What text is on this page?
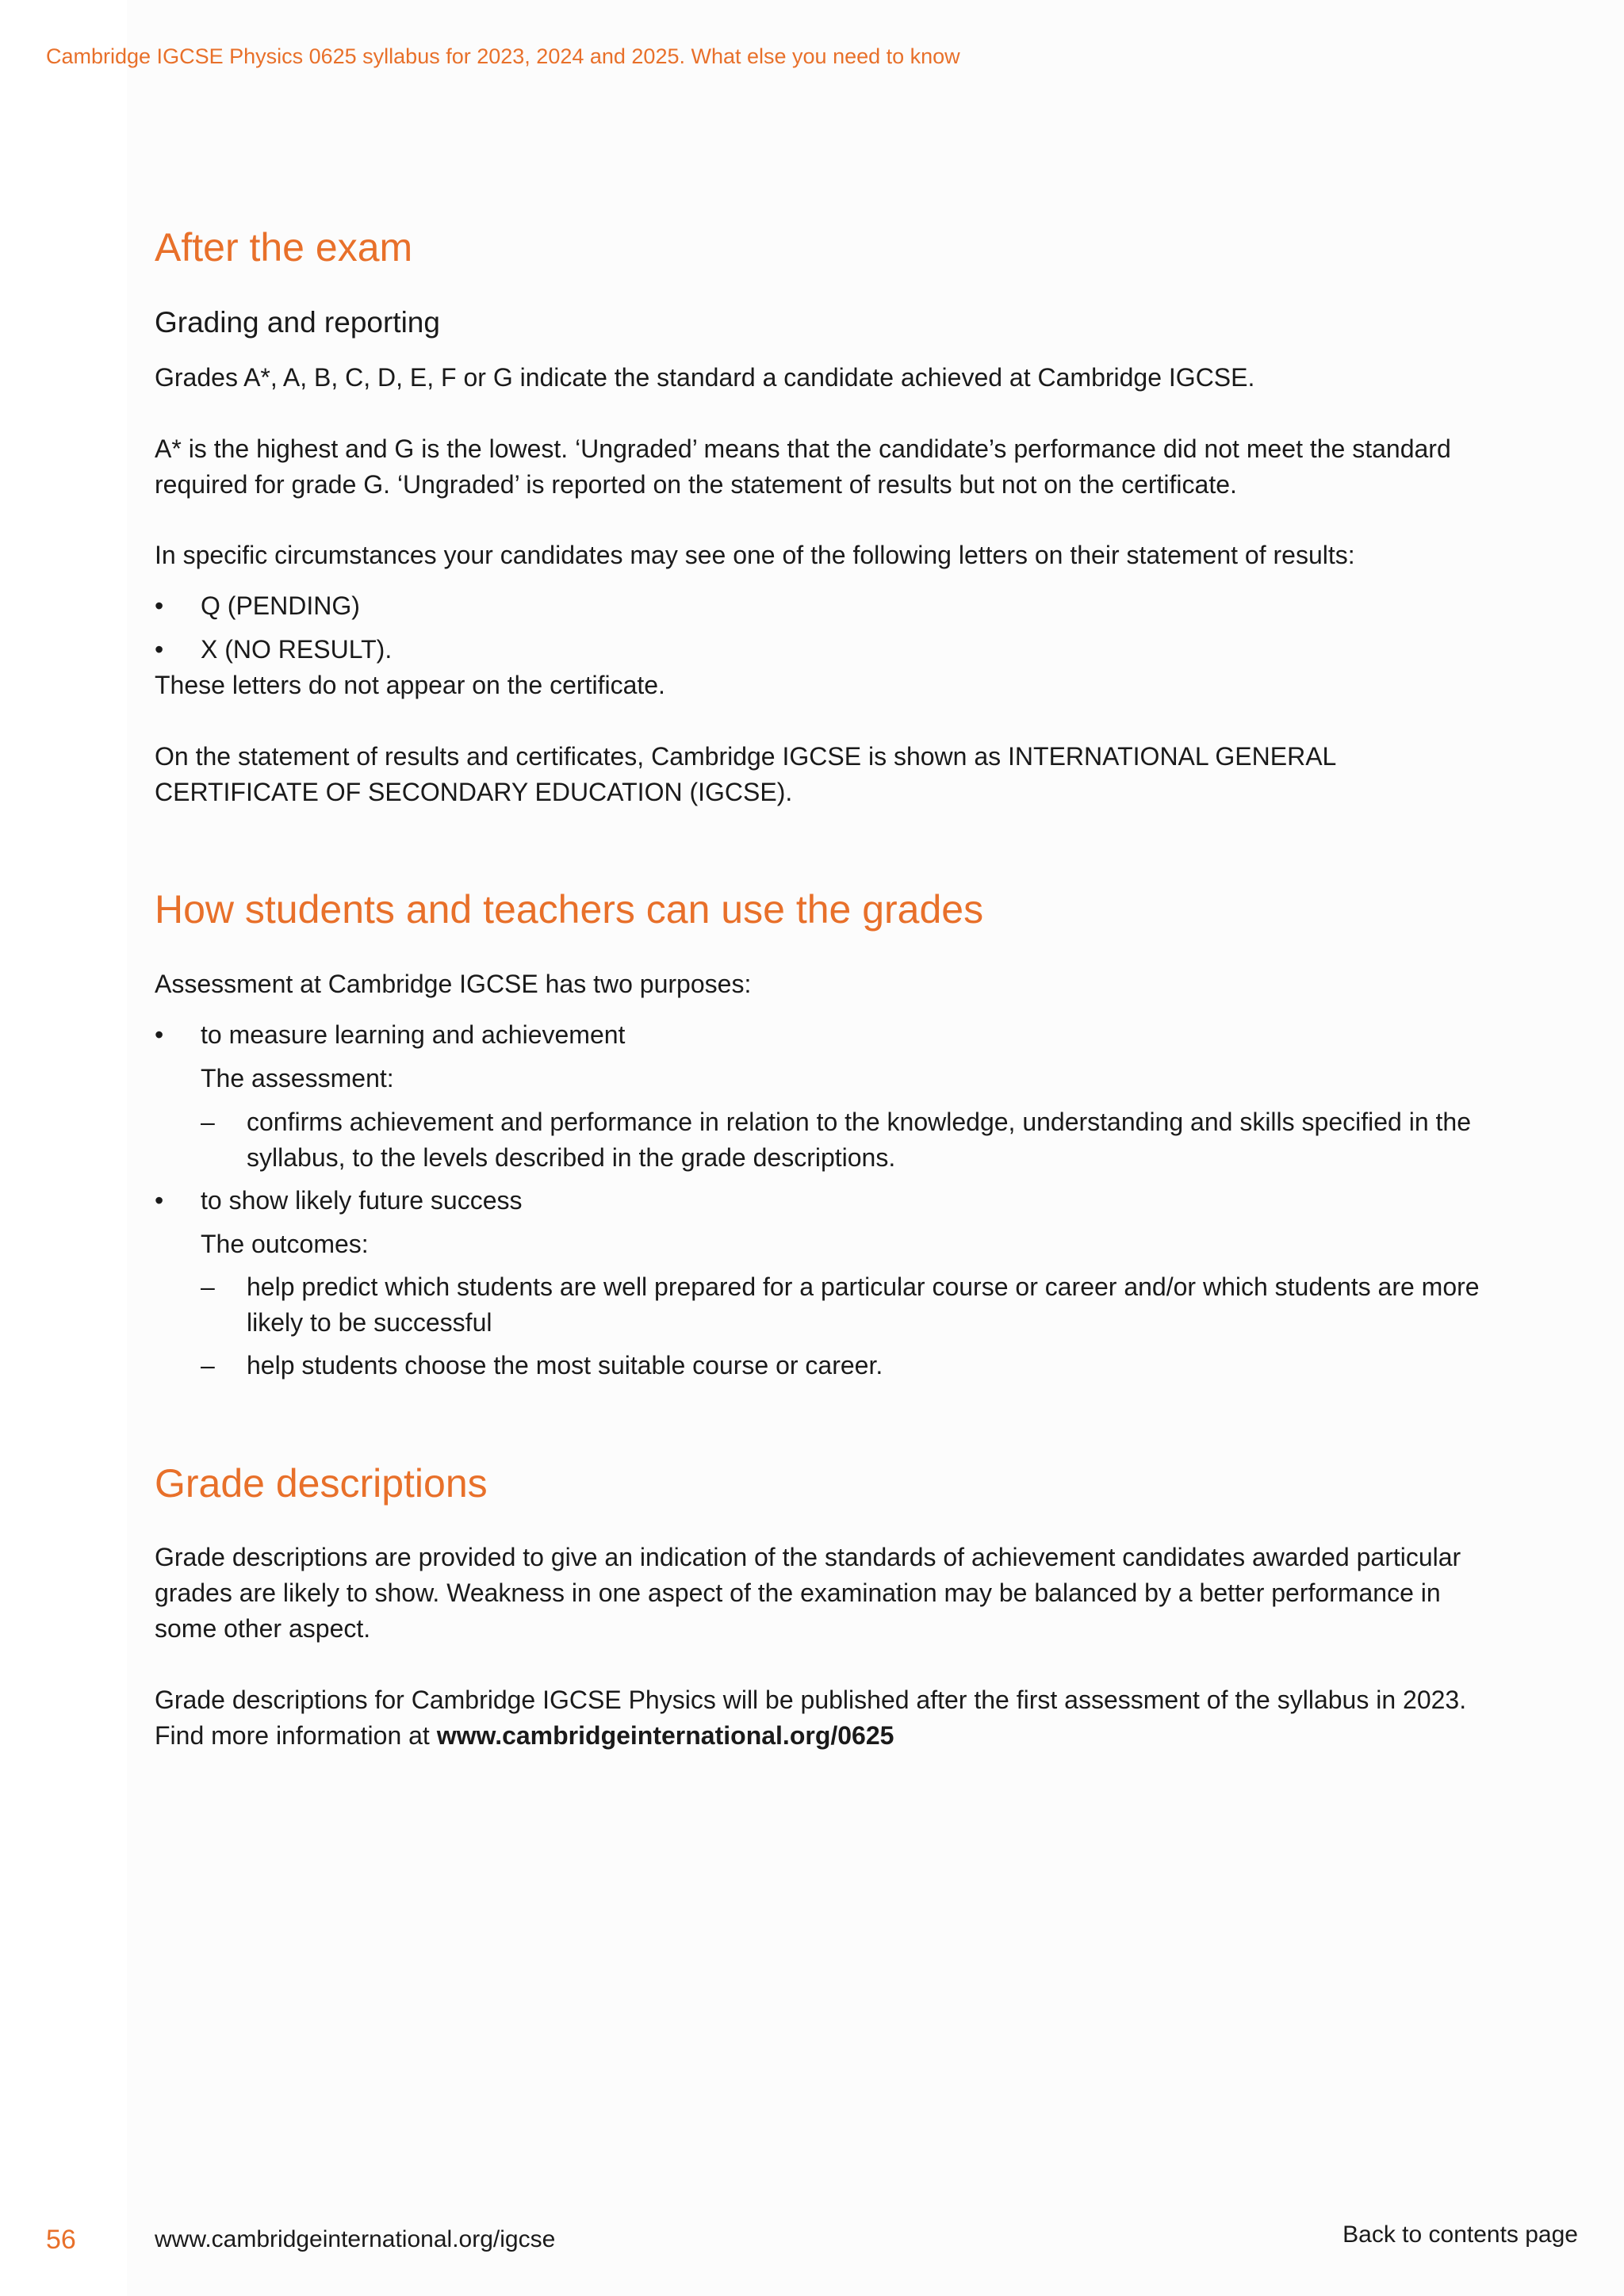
Cambridge IGCSE Physics 0625 syllabus for 2023, 2024 and 2025. What else you need to know
After the exam
Grading and reporting

Grades A*, A, B, C, D, E, F or G indicate the standard a candidate achieved at Cambridge IGCSE.

A* is the highest and G is the lowest. ‘Ungraded’ means that the candidate’s performance did not meet the standard required for grade G. ‘Ungraded’ is reported on the statement of results but not on the certificate.

In specific circumstances your candidates may see one of the following letters on their statement of results:

• Q (PENDING)
• X (NO RESULT).

These letters do not appear on the certificate.

On the statement of results and certificates, Cambridge IGCSE is shown as INTERNATIONAL GENERAL CERTIFICATE OF SECONDARY EDUCATION (IGCSE).

How students and teachers can use the grades

Assessment at Cambridge IGCSE has two purposes:

• to measure learning and achievement
The assessment:
– confirms achievement and performance in relation to the knowledge, understanding and skills specified in the syllabus, to the levels described in the grade descriptions.
• to show likely future success
The outcomes:
– help predict which students are well prepared for a particular course or career and/or which students are more likely to be successful
– help students choose the most suitable course or career.
Grade descriptions

Grade descriptions are provided to give an indication of the standards of achievement candidates awarded particular grades are likely to show. Weakness in one aspect of the examination may be balanced by a better performance in some other aspect.

Grade descriptions for Cambridge IGCSE Physics will be published after the first assessment of the syllabus in 2023.
Find more information at www.cambridgeinternational.org/0625
56	www.cambridgeinternational.org/igcse	Back to contents page
